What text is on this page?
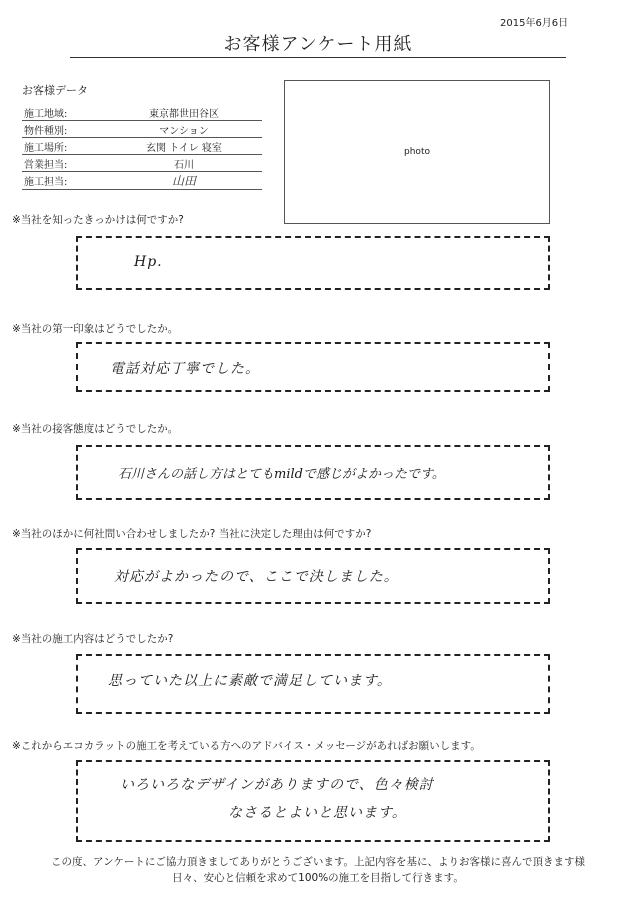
2015年6月6日
お客様アンケート用紙
お客様データ
施工地域:	東京都世田谷区
物件種別:	マンション
施工場所:	玄関 トイレ 寝室
営業担当:	石川
施工担当:	山田
photo
※当社を知ったきっかけは何ですか?
Hp.
※当社の第一印象はどうでしたか。
電話対応丁寧でした。
※当社の接客態度はどうでしたか。
石川さんの話し方はとてもmildで感じがよかったです。
※当社のほかに何社問い合わせしましたか? 当社に決定した理由は何ですか?
対応がよかったので、ここで決しました。
※当社の施工内容はどうでしたか?
思っていた以上に素敵で満足しています。
※これからエコカラットの施工を考えている方へのアドバイス・メッセージがあればお願いします。
いろいろなデザインがありますので、色々検討
なさるとよいと思います。
この度、アンケートにご協力頂きましてありがとうございます。上記内容を基に、よりお客様に喜んで頂きます様
日々、安心と信頼を求めて100%の施工を目指して行きます。
